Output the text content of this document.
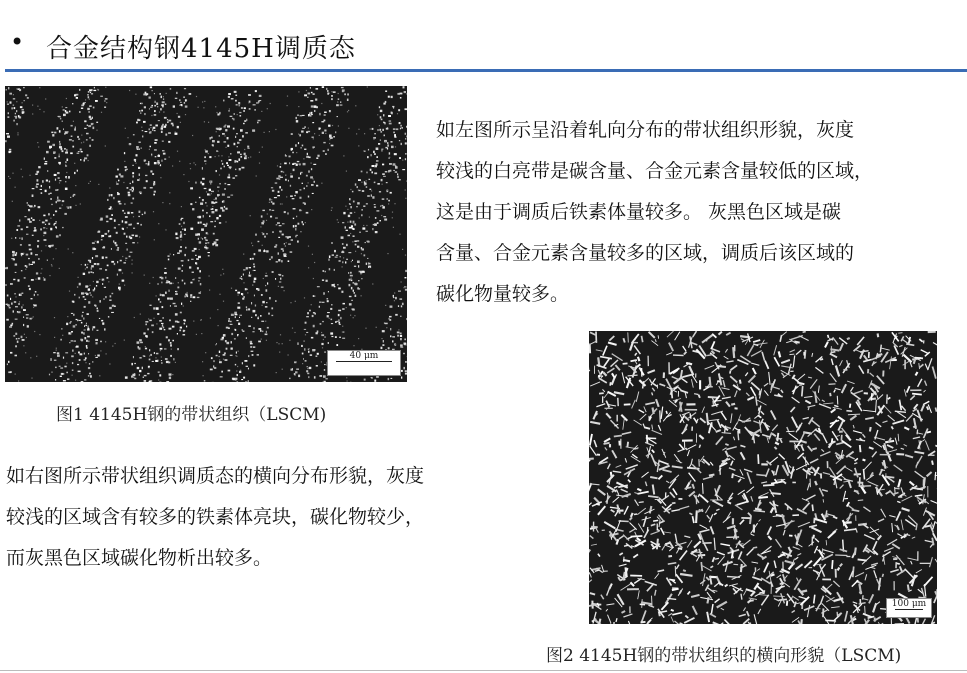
• 合金结构钢4145H调质态
40 μm
图1 4145H钢的带状组织（LSCM)
如左图所示呈沿着轧向分布的带状组织形貌，灰度
较浅的白亮带是碳含量、合金元素含量较低的区域，
这是由于调质后铁素体量较多。 灰黑色区域是碳
含量、合金元素含量较多的区域，调质后该区域的
碳化物量较多。
100 μm
图2 4145H钢的带状组织的横向形貌（LSCM)
如右图所示带状组织调质态的横向分布形貌，灰度
较浅的区域含有较多的铁素体亮块，碳化物较少，
而灰黑色区域碳化物析出较多。
